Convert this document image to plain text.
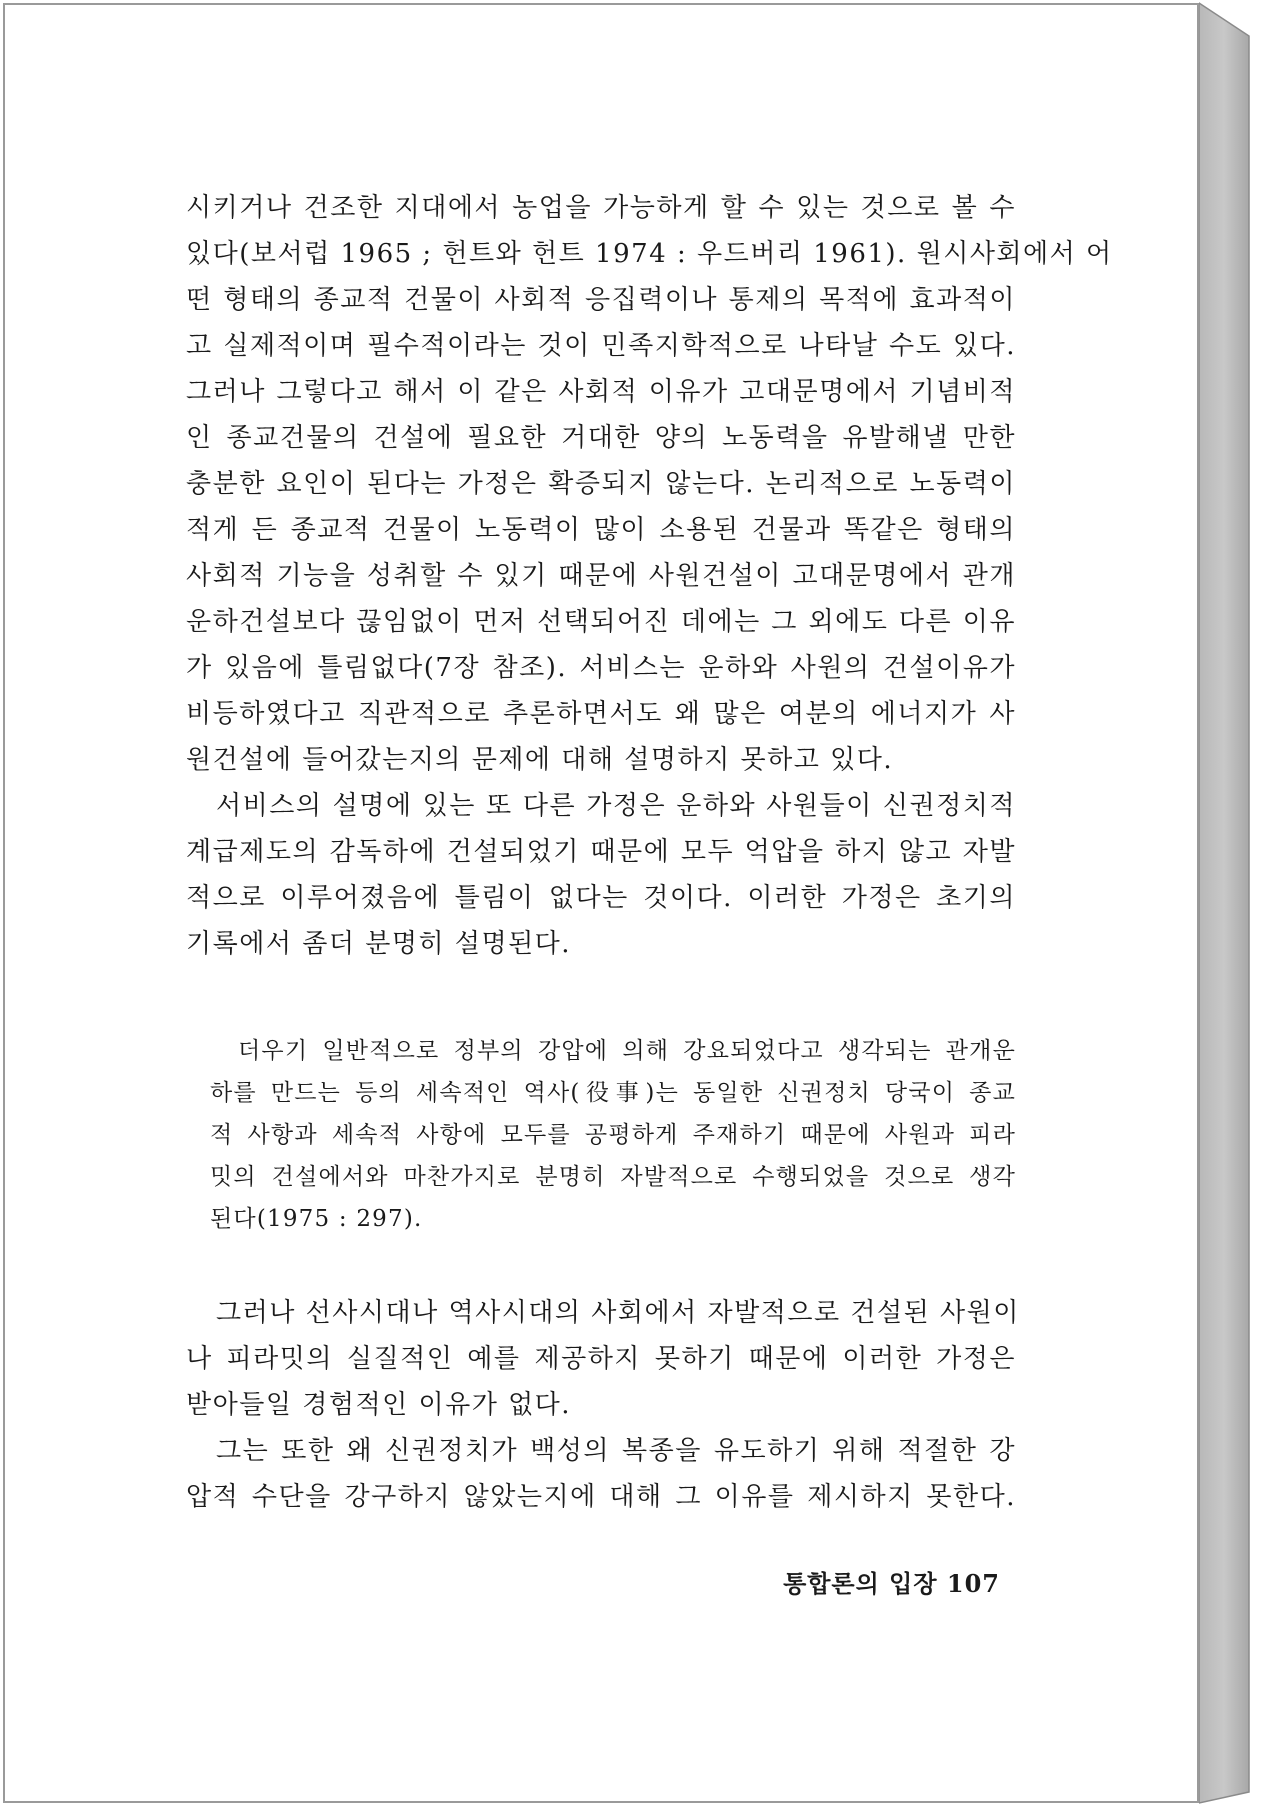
시키거나 건조한 지대에서 농업을 가능하게 할 수 있는 것으로 볼 수
있다(보서럽 1965 ; 헌트와 헌트 1974 : 우드버리 1961). 원시사회에서 어
떤 형태의 종교적 건물이 사회적 응집력이나 통제의 목적에 효과적이
고 실제적이며 필수적이라는 것이 민족지학적으로 나타날 수도 있다.
그러나 그렇다고 해서 이 같은 사회적 이유가 고대문명에서 기념비적
인 종교건물의 건설에 필요한 거대한 양의 노동력을 유발해낼 만한
충분한 요인이 된다는 가정은 확증되지 않는다. 논리적으로 노동력이
적게 든 종교적 건물이 노동력이 많이 소용된 건물과 똑같은 형태의
사회적 기능을 성취할 수 있기 때문에 사원건설이 고대문명에서 관개
운하건설보다 끊임없이 먼저 선택되어진 데에는 그 외에도 다른 이유
가 있음에 틀림없다(7장 참조). 서비스는 운하와 사원의 건설이유가
비등하였다고 직관적으로 추론하면서도 왜 많은 여분의 에너지가 사
원건설에 들어갔는지의 문제에 대해 설명하지 못하고 있다.
서비스의 설명에 있는 또 다른 가정은 운하와 사원들이 신권정치적
계급제도의 감독하에 건설되었기 때문에 모두 억압을 하지 않고 자발
적으로 이루어졌음에 틀림이 없다는 것이다. 이러한 가정은 초기의
기록에서 좀더 분명히 설명된다.
더우기 일반적으로 정부의 강압에 의해 강요되었다고 생각되는 관개운
하를 만드는 등의 세속적인 역사(役事)는 동일한 신권정치 당국이 종교
적 사항과 세속적 사항에 모두를 공평하게 주재하기 때문에 사원과 피라
밋의 건설에서와 마찬가지로 분명히 자발적으로 수행되었을 것으로 생각
된다(1975 : 297).
그러나 선사시대나 역사시대의 사회에서 자발적으로 건설된 사원이
나 피라밋의 실질적인 예를 제공하지 못하기 때문에 이러한 가정은
받아들일 경험적인 이유가 없다.
그는 또한 왜 신권정치가 백성의 복종을 유도하기 위해 적절한 강
압적 수단을 강구하지 않았는지에 대해 그 이유를 제시하지 못한다.
통합론의 입장 107
